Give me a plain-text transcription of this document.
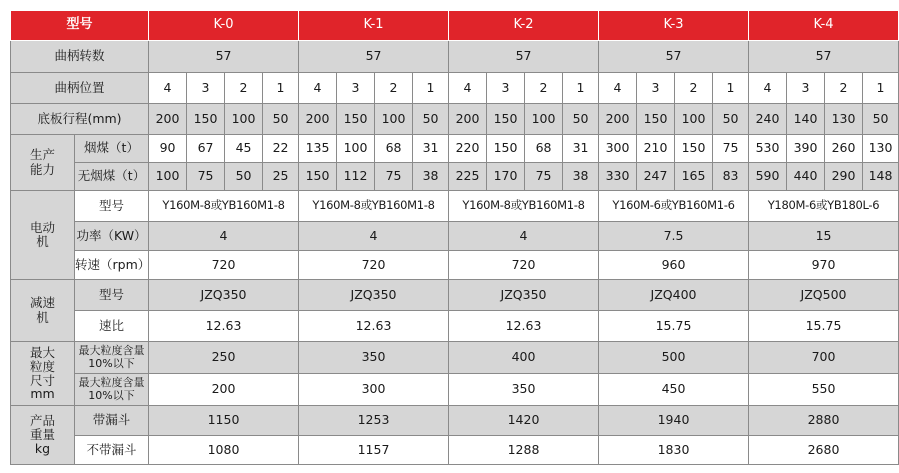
型号		K-0				K-1				K-2				K-3				K-4			
曲柄转数		57				57				57				57				57			
曲柄位置		4	3	2	1	4	3	2	1	4	3	2	1	4	3	2	1	4	3	2	1
底板行程(mm)		200	150	100	50	200	150	100	50	200	150	100	50	200	150	100	50	240	140	130	50
生产能力	烟煤（t）	90	67	45	22	135	100	68	31	220	150	68	31	300	210	150	75	530	390	260	130
	无烟煤（t）	100	75	50	25	150	112	75	38	225	170	75	38	330	247	165	83	590	440	290	148
电动机	型号	Y160M-8或YB160M1-8				Y160M-8或YB160M1-8				Y160M-8或YB160M1-8				Y160M-6或YB160M1-6				Y180M-6或YB180L-6			
	功率（KW）	4				4				4				7.5				15			
	转速（rpm）	720				720				720				960				970			
减速机	型号	JZQ350				JZQ350				JZQ350				JZQ400				JZQ500			
	速比	12.63				12.63				12.63				15.75				15.75			
最大粒度尺寸mm	最大粒度含量10%以下	250				350				400				500				700			
	最大粒度含量10%以下	200				300				350				450				550			
产品重量kg	带漏斗	1150				1253				1420				1940				2880			
	不带漏斗	1080				1157				1288				1830				2680			
